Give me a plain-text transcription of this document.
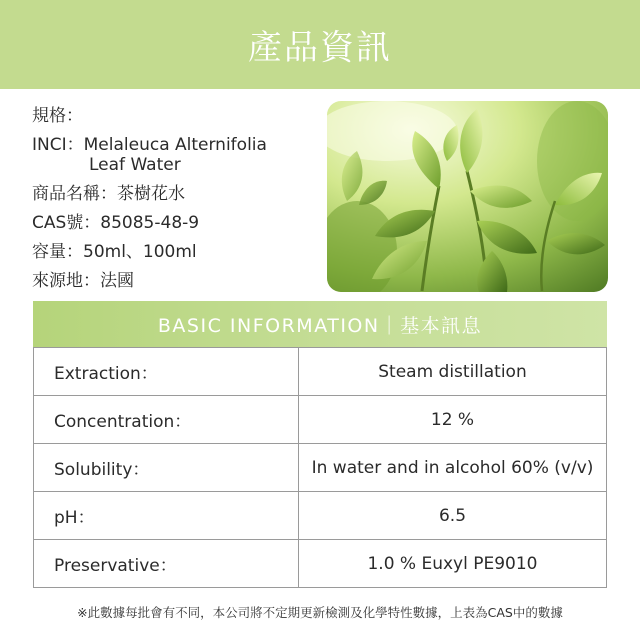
產品資訊
規格：
INCI：Melaleuca Alternifolia
Leaf Water
商品名稱：茶樹花水
CAS號：85085-48-9
容量：50ml、100ml
來源地：法國
BASIC INFORMATION｜基本訊息
Extraction：	Steam distillation
Concentration：	12 %
Solubility：	In water and in alcohol 60% (v/v)
pH：	6.5
Preservative：	1.0 % Euxyl PE9010
※此數據每批會有不同，本公司將不定期更新檢測及化學特性數據，上表為CAS中的數據
